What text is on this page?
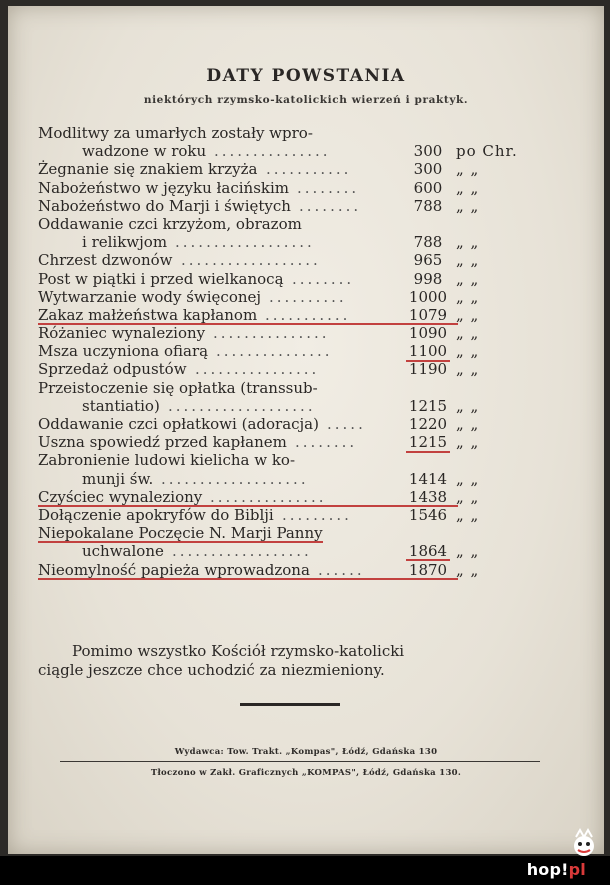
DATY POWSTANIA
niektórych rzymsko-katolickich wierzeń i praktyk.
Modlitwy za umarłych zostały wpro-
wadzone w roku ...............	300 po Chr.
Żegnanie się znakiem krzyża ...........	300 „ „
Nabożeństwo w języku łacińskim ........	600 „ „
Nabożeństwo do Marji i świętych ........	788 „ „
Oddawanie czci krzyżom, obrazom
i relikwjom ..................	788 „ „
Chrzest dzwonów ..................	965 „ „
Post w piątki i przed wielkanocą ........	998 „ „
Wytwarzanie wody święconej ..........	1000 „ „
Zakaz małżeństwa kapłanom ...........	1079 „ „
Różaniec wynaleziony ...............	1090 „ „
Msza uczyniona ofiarą ...............	1100 „ „
Sprzedaż odpustów ................	1190 „ „
Przeistoczenie się opłatka (transsub-
stantiatio) ...................	1215 „ „
Oddawanie czci opłatkowi (adoracja) .....	1220 „ „
Uszna spowiedź przed kapłanem ........	1215 „ „
Zabronienie ludowi kielicha w ko-
munji św. ...................	1414 „ „
Czyściec wynaleziony ...............	1438 „ „
Dołączenie apokryfów do Biblji .........	1546 „ „
Niepokalane Poczęcie N. Marji Panny
uchwalone ..................	1864 „ „
Nieomylność papieża wprowadzona ......	1870 „ „
Pomimo wszystko Kościół rzymsko-katolicki
ciągle jeszcze chce uchodzić za niezmieniony.
Wydawca: Tow. Trakt. „Kompas", Łódź, Gdańska 130
Tłoczono w Zakł. Graficznych „KOMPAS", Łódź, Gdańska 130.
hop!pl
